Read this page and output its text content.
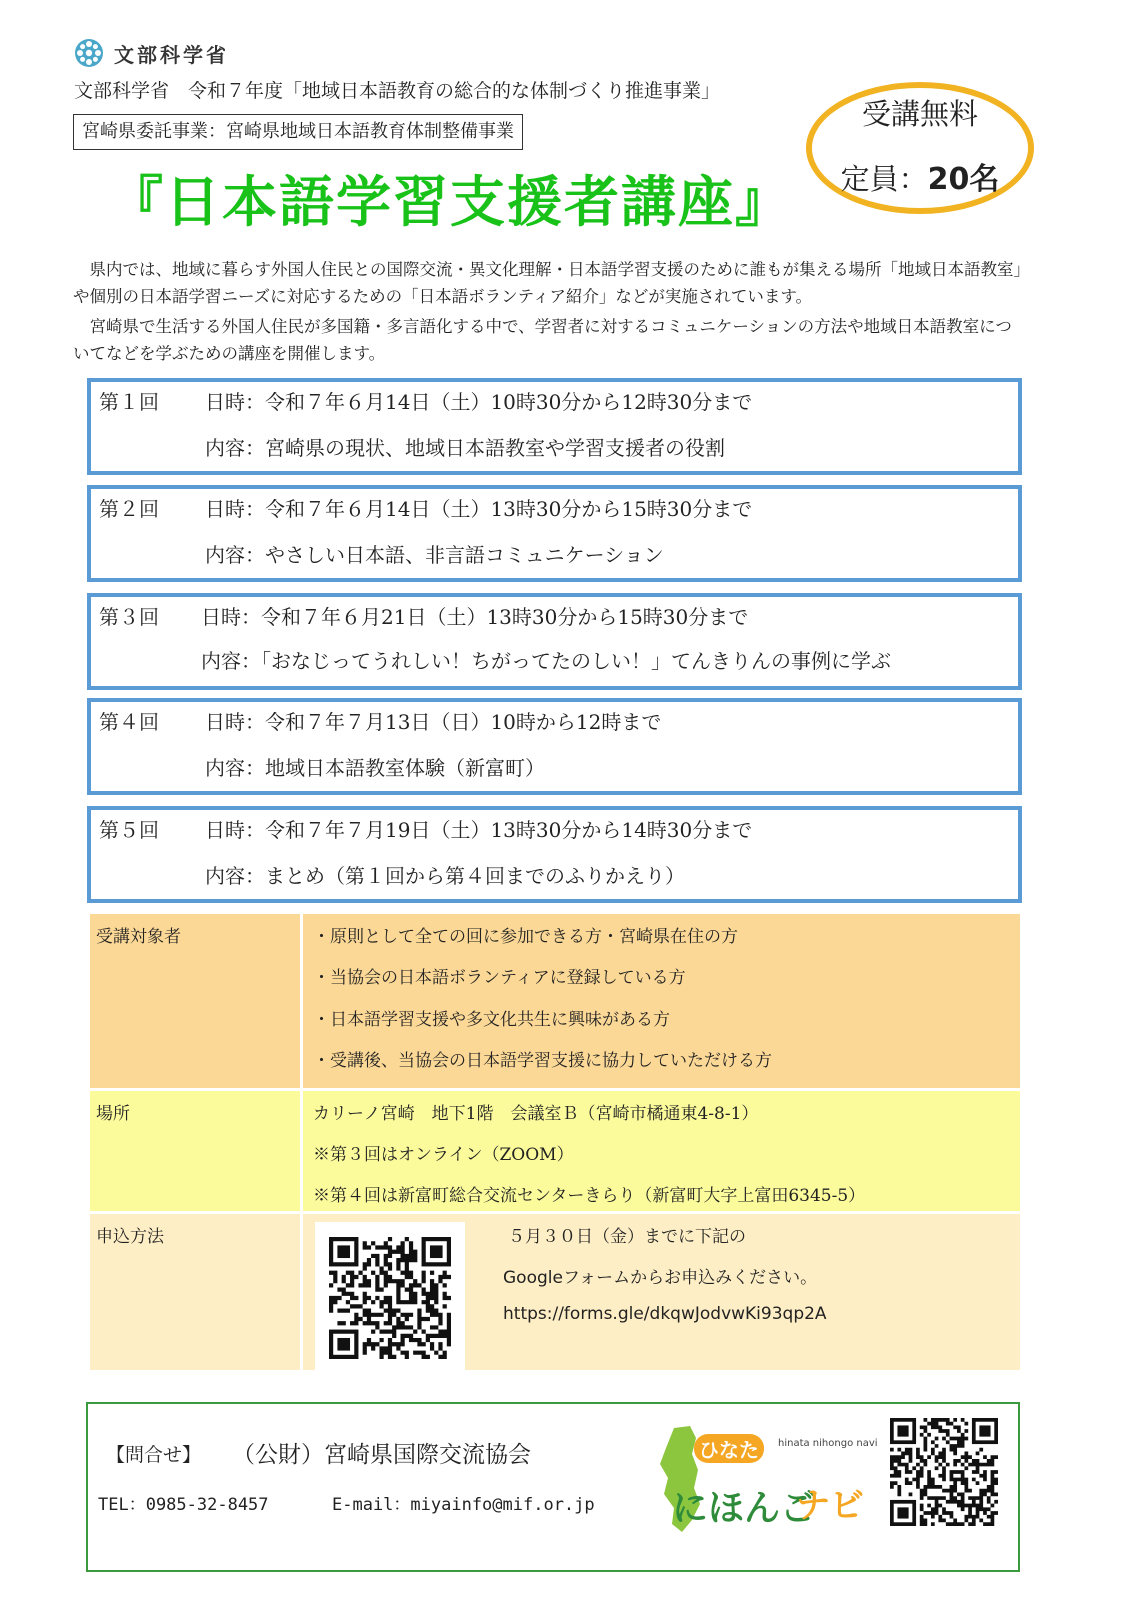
文部科学省
文部科学省　令和７年度「地域日本語教育の総合的な体制づくり推進事業」
宮崎県委託事業：宮崎県地域日本語教育体制整備事業
『日本語学習支援者講座』
受講無料
定員：20名

県内では、地域に暮らす外国人住民との国際交流・異文化理解・日本語学習支援のために誰もが集える場所「地域日本語教室」や個別の日本語学習ニーズに対応するための「日本語ボランティア紹介」などが実施されています。

宮崎県で生活する外国人住民が多国籍・多言語化する中で、学習者に対するコミュニケーションの方法や地域日本語教室についてなどを学ぶための講座を開催します。

第１回 日時：令和７年６月14日（土）10時30分から12時30分まで
内容：宮崎県の現状、地域日本語教室や学習支援者の役割
第２回 日時：令和７年６月14日（土）13時30分から15時30分まで
内容：やさしい日本語、非言語コミュニケーション
第３回 日時：令和７年６月21日（土）13時30分から15時30分まで
内容：「おなじってうれしい！ちがってたのしい！」てんきりんの事例に学ぶ
第４回 日時：令和７年７月13日（日）10時から12時まで
内容：地域日本語教室体験（新富町）
第５回 日時：令和７年７月19日（土）13時30分から14時30分まで
内容：まとめ（第１回から第４回までのふりかえり）
受講対象者	・原則として全ての回に参加できる方・宮崎県在住の方
・当協会の日本語ボランティアに登録している方
・日本語学習支援や多文化共生に興味がある方
・受講後、当協会の日本語学習支援に協力していただける方
場所	カリーノ宮崎　地下1階　会議室Ｂ（宮崎市橘通東4-8-1）
※第３回はオンライン（ZOOM）
※第４回は新富町総合交流センターきらり（新富町大字上富田6345-5）
申込方法	５月３０日（金）までに下記の
Googleフォームからお申込みください。
https://forms.gle/dkqwJodvwKi93qp2A
【問合せ】 （公財）宮崎県国際交流協会
TEL：0985-32-8457	E-mail：miyainfo@mif.or.jp
ひなた	hinata nihongo navi
にほんご
ナビ
